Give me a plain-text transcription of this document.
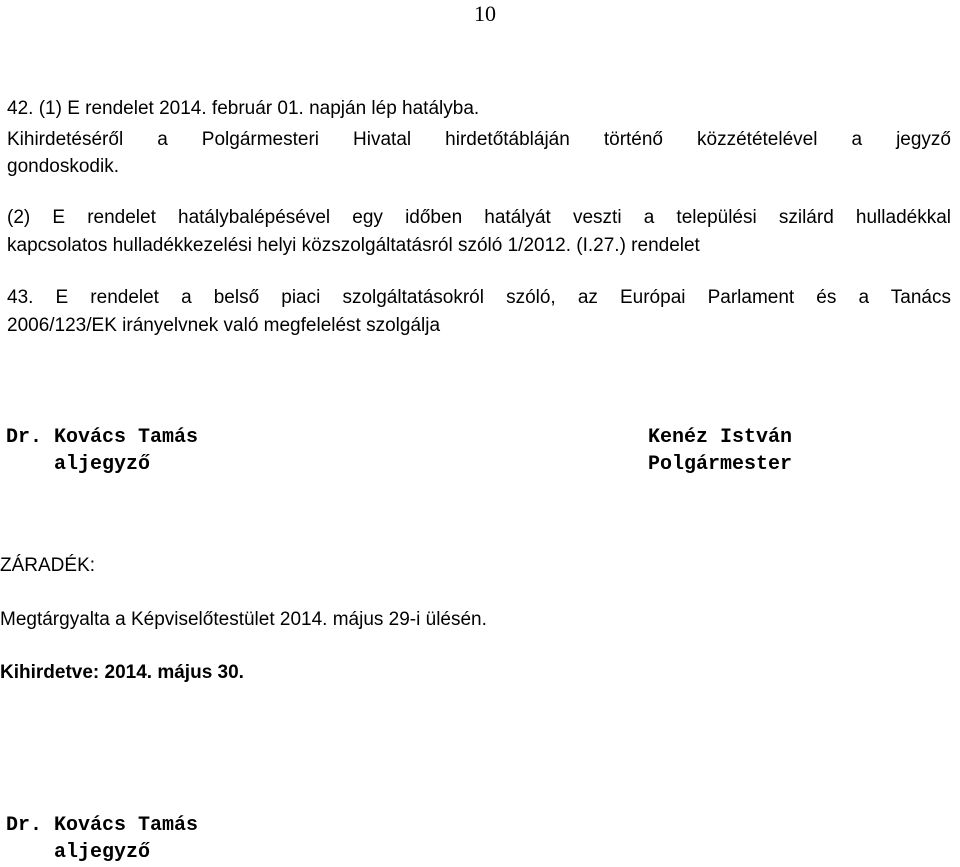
10
42. (1) E rendelet 2014. február 01. napján lép hatályba.
Kihirdetéséről a Polgármesteri Hivatal hirdetőtábláján történő közzétételével a jegyző
gondoskodik.
(2) E rendelet hatálybalépésével egy időben hatályát veszti a települési szilárd hulladékkal
kapcsolatos hulladékkezelési helyi közszolgáltatásról szóló 1/2012. (I.27.) rendelet
43. E rendelet a belső piaci szolgáltatásokról szóló, az Európai Parlament és a Tanács
2006/123/EK irányelvnek való megfelelést szolgálja
Dr. Kovács Tamás
aljegyző
Kenéz István
Polgármester
ZÁRADÉK:
Megtárgyalta a Képviselőtestület 2014. május 29-i ülésén.
Kihirdetve: 2014. május 30.
Dr. Kovács Tamás
aljegyző
